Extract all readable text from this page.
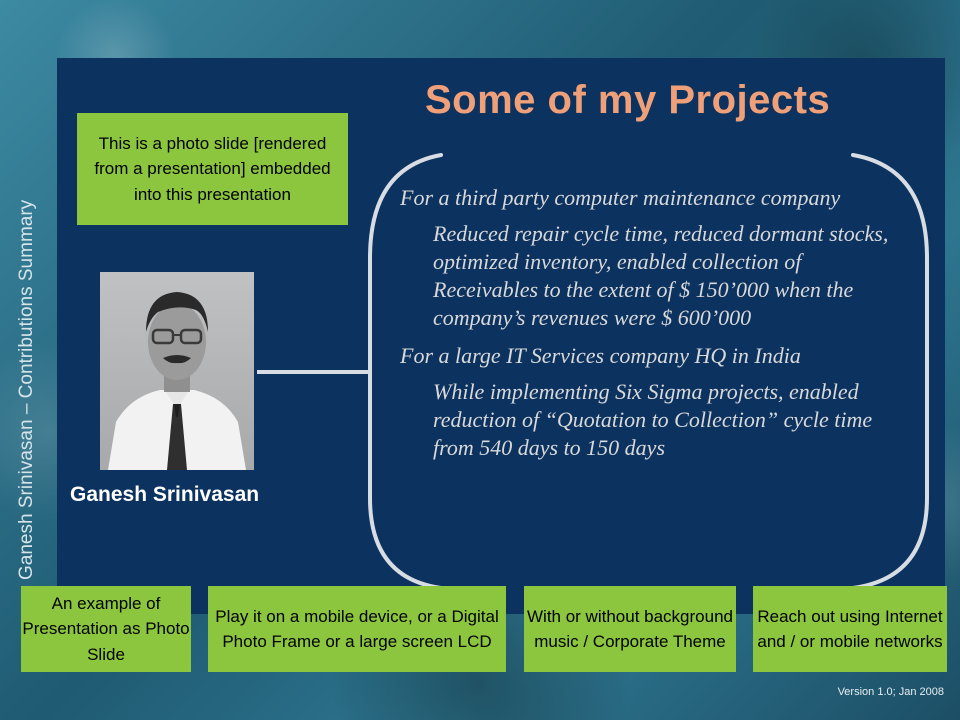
Ganesh Srinivasan – Contributions Summary
Some of my Projects
Ganesh Srinivasan

For a third party computer maintenance company

Reduced repair cycle time, reduced dormant stocks, optimized inventory, enabled collection of Receivables to the extent of $ 150’000 when the company’s revenues were $ 600’000

For a large IT Services company HQ in India

While implementing Six Sigma projects, enabled reduction of “Quotation to Collection” cycle time from 540 days to 150 days

This is a photo slide [rendered from a presentation] embedded into this presentation
An example of Presentation as Photo Slide
Play it on a mobile device, or a Digital Photo Frame or a large screen LCD
With or without background music / Corporate Theme
Reach out using Internet and / or mobile networks
Version 1.0; Jan 2008
